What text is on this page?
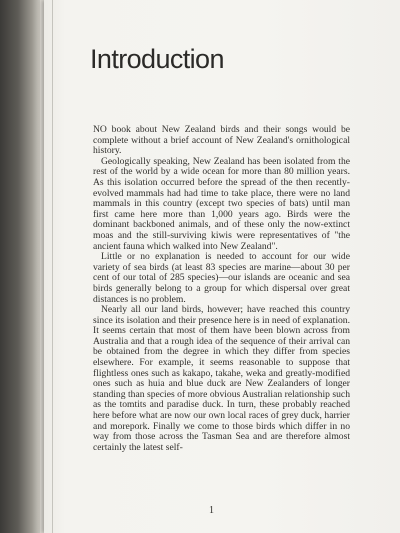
Introduction

NO book about New Zealand birds and their songs would be complete without a brief account of New Zealand's ornithological history.

Geologically speaking, New Zealand has been isolated from the rest of the world by a wide ocean for more than 80 million years. As this isolation occurred before the spread of the then recently-evolved mammals had had time to take place, there were no land mammals in this country (except two species of bats) until man first came here more than 1,000 years ago. Birds were the dominant backboned animals, and of these only the now-extinct moas and the still-surviving kiwis were representatives of "the ancient fauna which walked into New Zealand".

Little or no explanation is needed to account for our wide variety of sea birds (at least 83 species are marine—about 30 per cent of our total of 285 species)—our islands are oceanic and sea birds generally belong to a group for which dispersal over great distances is no problem.

Nearly all our land birds, however; have reached this country since its isolation and their presence here is in need of explanation. It seems certain that most of them have been blown across from Australia and that a rough idea of the sequence of their arrival can be obtained from the degree in which they differ from species elsewhere. For example, it seems reasonable to suppose that flightless ones such as kakapo, takahe, weka and greatly-modified ones such as huia and blue duck are New Zealanders of longer standing than species of more obvious Australian relationship such as the tomtits and paradise duck. In turn, these probably reached here before what are now our own local races of grey duck, harrier and morepork. Finally we come to those birds which differ in no way from those across the Tasman Sea and are therefore almost certainly the latest self-

1
